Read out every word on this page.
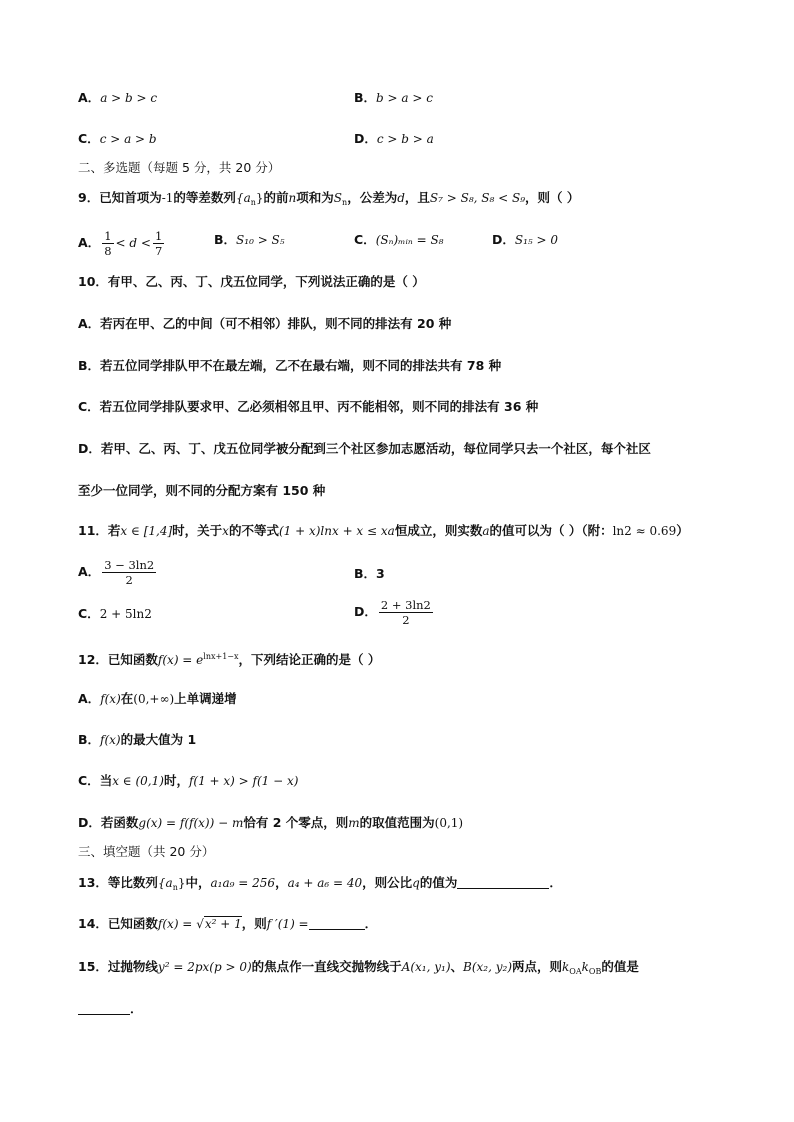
A．a > b > c	B．b > a > c
C．c > a > b	D．c > b > a
二、多选题（每题 5 分，共 20 分）
9．已知首项为-1的等差数列$\{a_n\}$的前n项和为$S_n$，公差为d，且S₇ > S₈, S₈ < S₉，则（ ）
A． $\frac{1}{8} < d < \frac{1}{7}$	B．S₁₀ > S₅	C．(Sₙ)ₘᵢₙ = S₈	D．S₁₅ > 0
10．有甲、乙、丙、丁、戊五位同学，下列说法正确的是（ ）
A．若丙在甲、乙的中间（可不相邻）排队，则不同的排法有 20 种
B．若五位同学排队甲不在最左端，乙不在最右端，则不同的排法共有 78 种
C．若五位同学排队要求甲、乙必须相邻且甲、丙不能相邻，则不同的排法有 36 种
D．若甲、乙、丙、丁、戊五位同学被分配到三个社区参加志愿活动，每位同学只去一个社区，每个社区
至少一位同学，则不同的分配方案有 150 种
11．若x ∈ [1,4]时，关于x的不等式(1 + x)lnx + x ≤ xa恒成立，则实数a的值可以为（ ）（附：ln2 ≈ 0.69）
A． $\frac{3 - 3\ln 2}{2}$	B．3
C．2 + 5ln2	D． $\frac{2 + 3\ln 2}{2}$
12．已知函数$f(x) = e^{lnx+1-x}$，下列结论正确的是（ ）
A．f(x)在(0,+∞)上单调递增
B．f(x)的最大值为 1
C．当x ∈ (0,1)时，f(1 + x) > f(1 − x)
D．若函数g(x) = f(f(x)) − m恰有 2 个零点，则m的取值范围为(0,1)
三、填空题（共 20 分）
13．等比数列$\{a_n\}$中，a₁a₉ = 256，a₄ + a₆ = 40，则公比q的值为	．
14．已知函数f(x) = √x² + 1，则f ′(1) =	．
15．过抛物线y² = 2px(p > 0)的焦点作一直线交抛物线于A(x₁, y₁)、B(x₂, y₂)两点，则$k_{OA}k_{OB}$的值是
．
